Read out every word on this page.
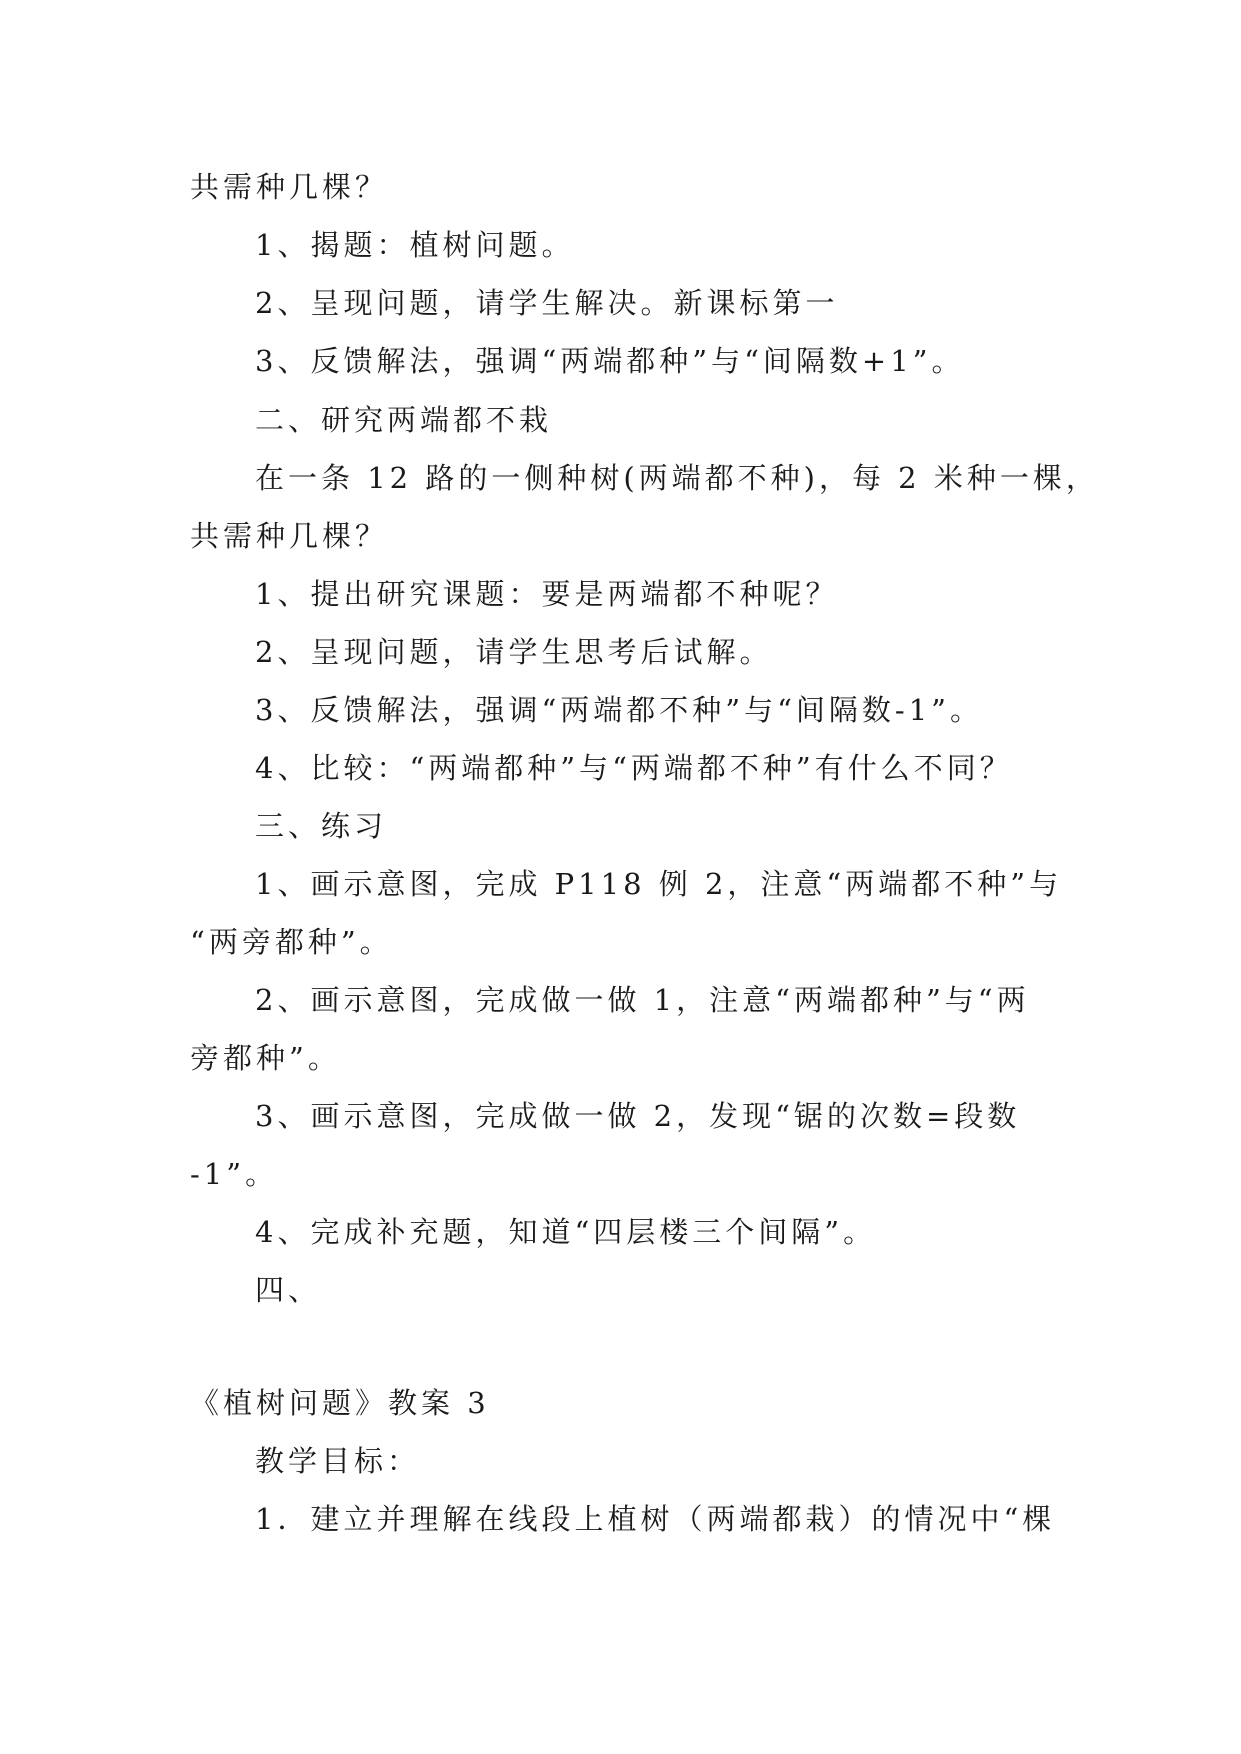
共需种几棵？
1、揭题：植树问题。
2、呈现问题，请学生解决。新课标第一
3、反馈解法，强调“两端都种”与“间隔数+1”。
二、研究两端都不栽
在一条 12 路的一侧种树(两端都不种)，每 2 米种一棵，
共需种几棵？
1、提出研究课题：要是两端都不种呢？
2、呈现问题，请学生思考后试解。
3、反馈解法，强调“两端都不种”与“间隔数-1”。
4、比较：“两端都种”与“两端都不种”有什么不同？
三、练习
1、画示意图，完成 P118 例 2，注意“两端都不种”与
“两旁都种”。
2、画示意图，完成做一做 1，注意“两端都种”与“两
旁都种”。
3、画示意图，完成做一做 2，发现“锯的次数=段数
-1”。
4、完成补充题，知道“四层楼三个间隔”。
四、
《植树问题》教案 3
教学目标：
1．建立并理解在线段上植树（两端都栽）的情况中“棵
